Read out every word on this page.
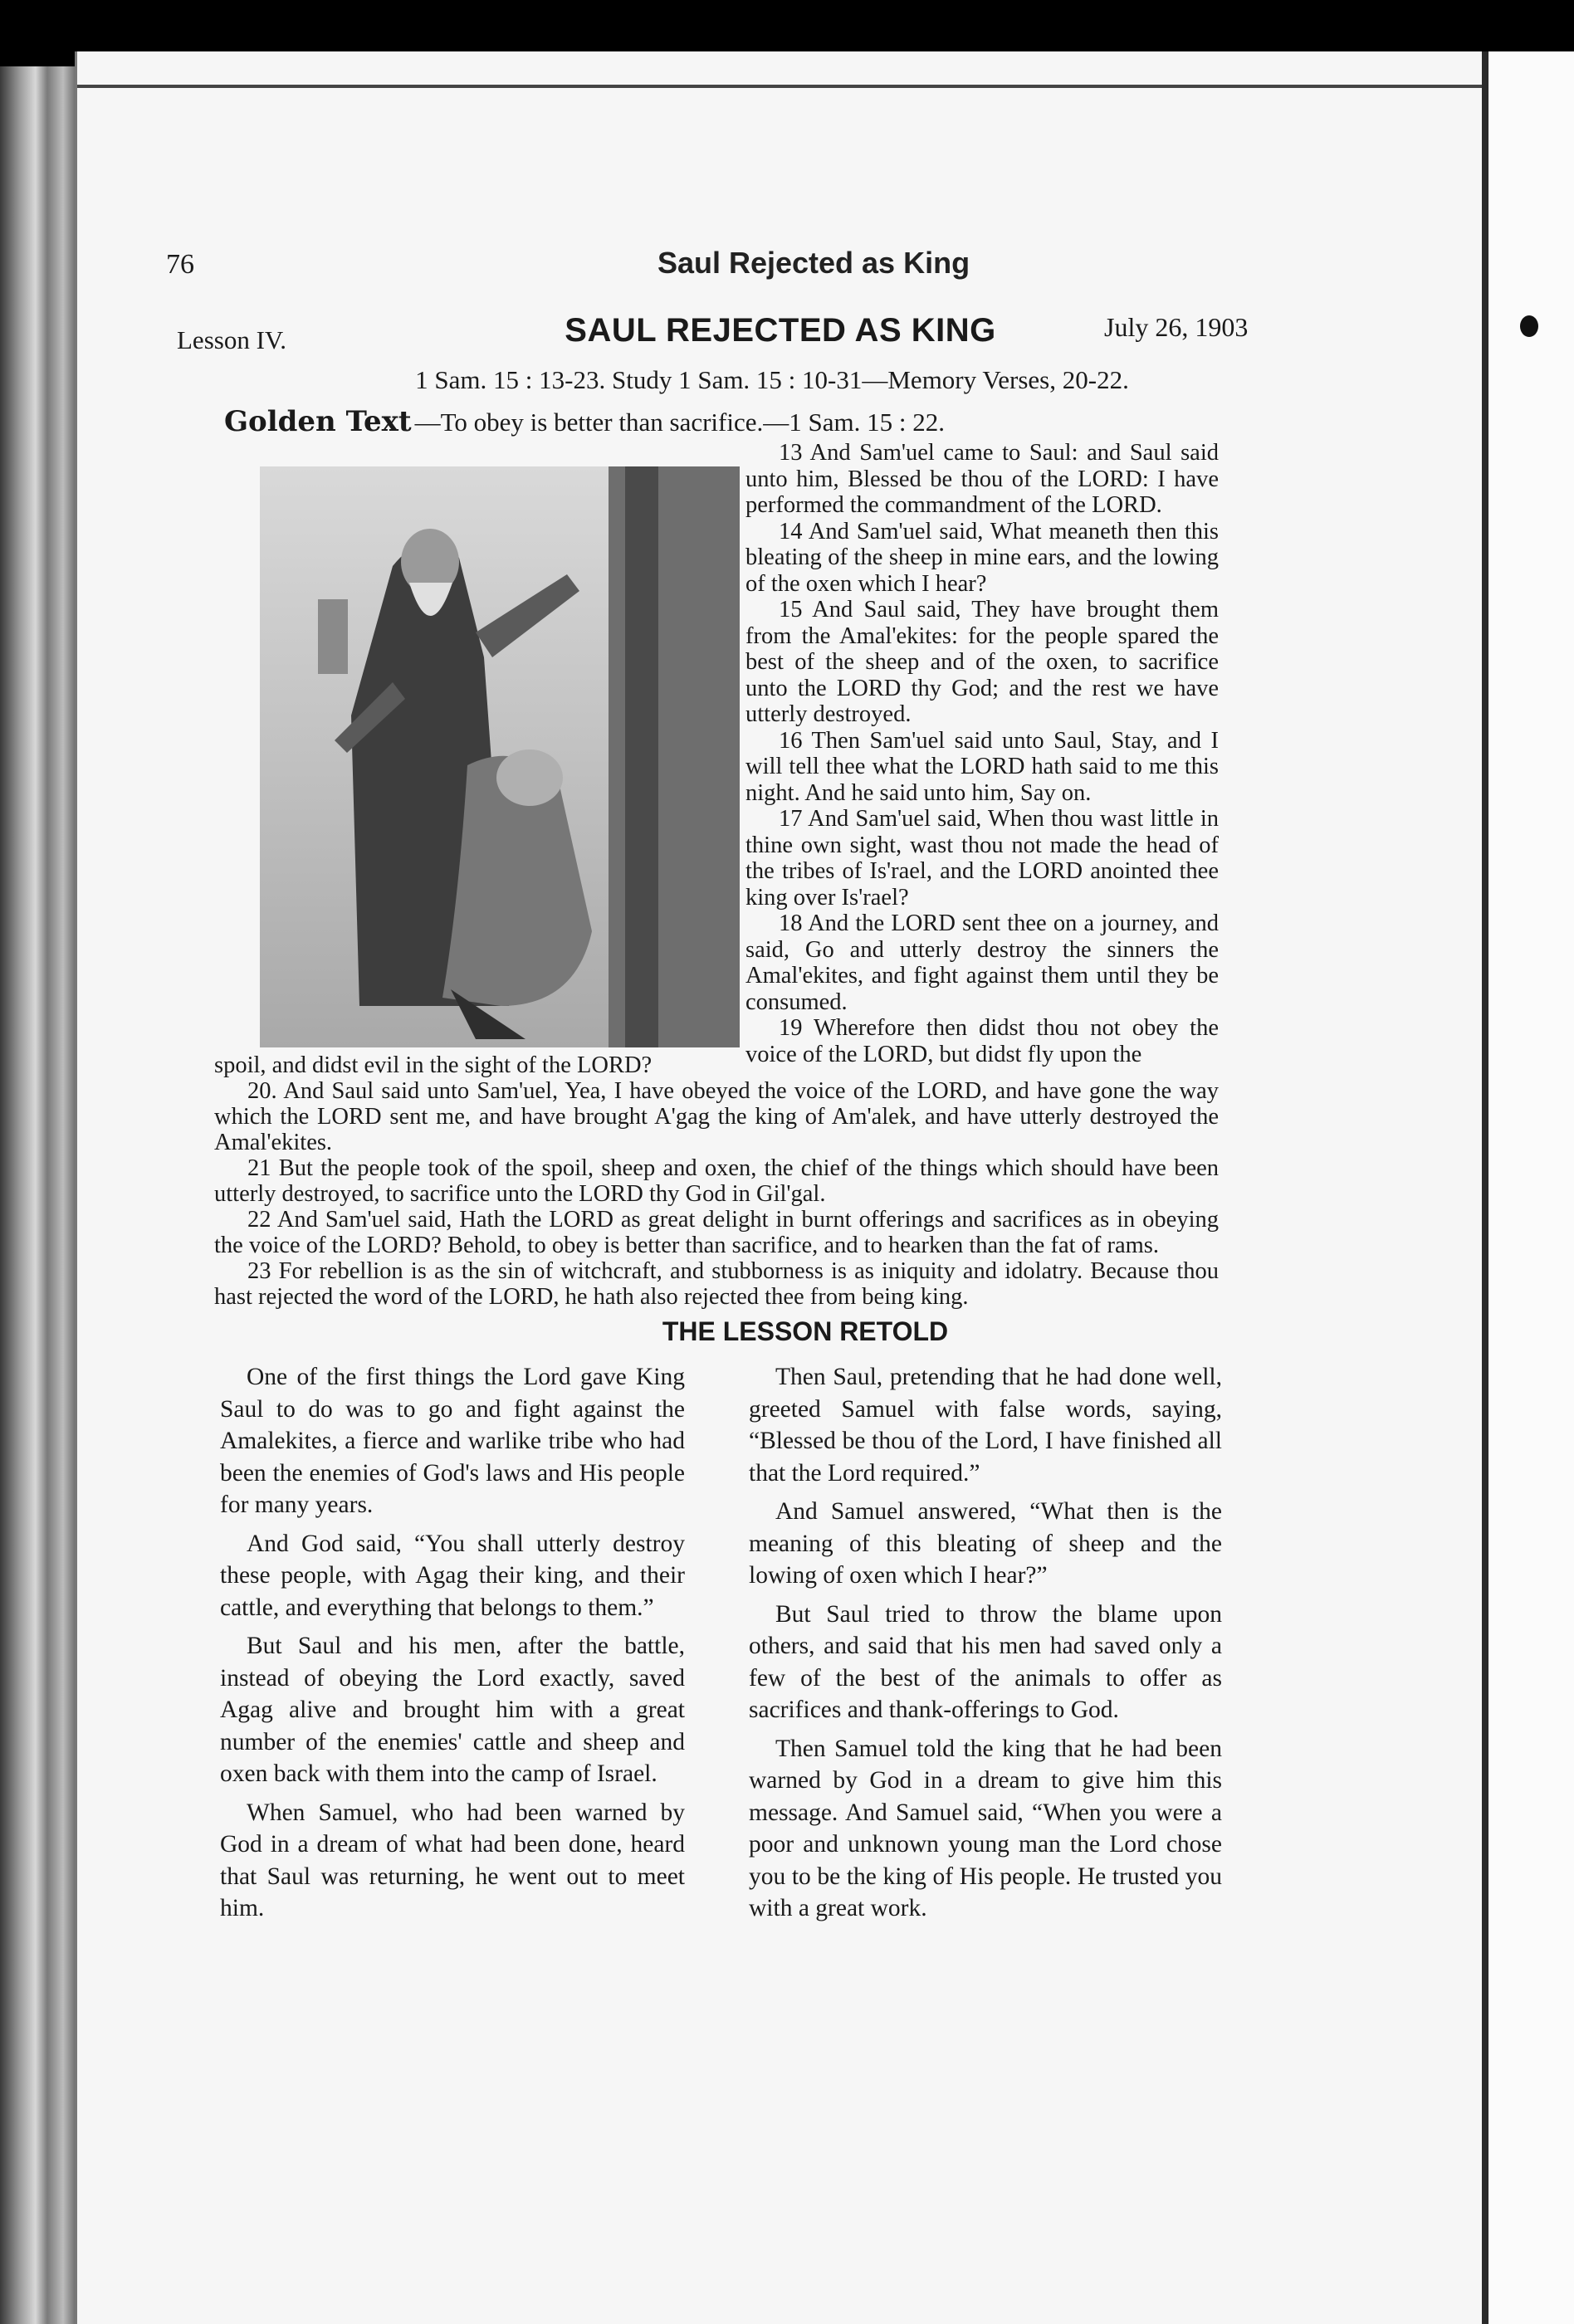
76	Saul Rejected as King
Lesson IV.	SAUL REJECTED AS KING	July 26, 1903
1 Sam. 15 : 13-23. Study 1 Sam. 15 : 10-31—Memory Verses, 20-22.
Golden Text —To obey is better than sacrifice.—1 Sam. 15 : 22.

13 And Sam'uel came to Saul: and Saul said unto him, Blessed be thou of the LORD: I have performed the commandment of the LORD.

14 And Sam'uel said, What meaneth then this bleating of the sheep in mine ears, and the lowing of the oxen which I hear?

15 And Saul said, They have brought them from the Amal'ekites: for the people spared the best of the sheep and of the oxen, to sacrifice unto the LORD thy God; and the rest we have utterly destroyed.

16 Then Sam'uel said unto Saul, Stay, and I will tell thee what the LORD hath said to me this night. And he said unto him, Say on.

17 And Sam'uel said, When thou wast little in thine own sight, wast thou not made the head of the tribes of Is'rael, and the LORD anointed thee king over Is'rael?

18 And the LORD sent thee on a journey, and said, Go and utterly destroy the sinners the Amal'ekites, and fight against them until they be consumed.

19 Wherefore then didst thou not obey the voice of the LORD, but didst fly upon the

spoil, and didst evil in the sight of the LORD?

20. And Saul said unto Sam'uel, Yea, I have obeyed the voice of the LORD, and have gone the way which the LORD sent me, and have brought A'gag the king of Am'alek, and have utterly destroyed the Amal'ekites.

21 But the people took of the spoil, sheep and oxen, the chief of the things which should have been utterly destroyed, to sacrifice unto the LORD thy God in Gil'gal.

22 And Sam'uel said, Hath the LORD as great delight in burnt offerings and sacrifices as in obeying the voice of the LORD? Behold, to obey is better than sacrifice, and to hearken than the fat of rams.

23 For rebellion is as the sin of witchcraft, and stubborness is as iniquity and idolatry. Because thou hast rejected the word of the LORD, he hath also rejected thee from being king.

THE LESSON RETOLD

One of the first things the Lord gave King Saul to do was to go and fight against the Amalekites, a fierce and warlike tribe who had been the enemies of God's laws and His people for many years.

And God said, “You shall utterly destroy these people, with Agag their king, and their cattle, and everything that belongs to them.”

But Saul and his men, after the battle, instead of obeying the Lord exactly, saved Agag alive and brought him with a great number of the enemies' cattle and sheep and oxen back with them into the camp of Israel.

When Samuel, who had been warned by God in a dream of what had been done, heard that Saul was returning, he went out to meet him.

Then Saul, pretending that he had done well, greeted Samuel with false words, saying, “Blessed be thou of the Lord, I have finished all that the Lord required.”

And Samuel answered, “What then is the meaning of this bleating of sheep and the lowing of oxen which I hear?”

But Saul tried to throw the blame upon others, and said that his men had saved only a few of the best of the animals to offer as sacrifices and thank-offerings to God.

Then Samuel told the king that he had been warned by God in a dream to give him this message. And Samuel said, “When you were a poor and unknown young man the Lord chose you to be the king of His people. He trusted you with a great work.
